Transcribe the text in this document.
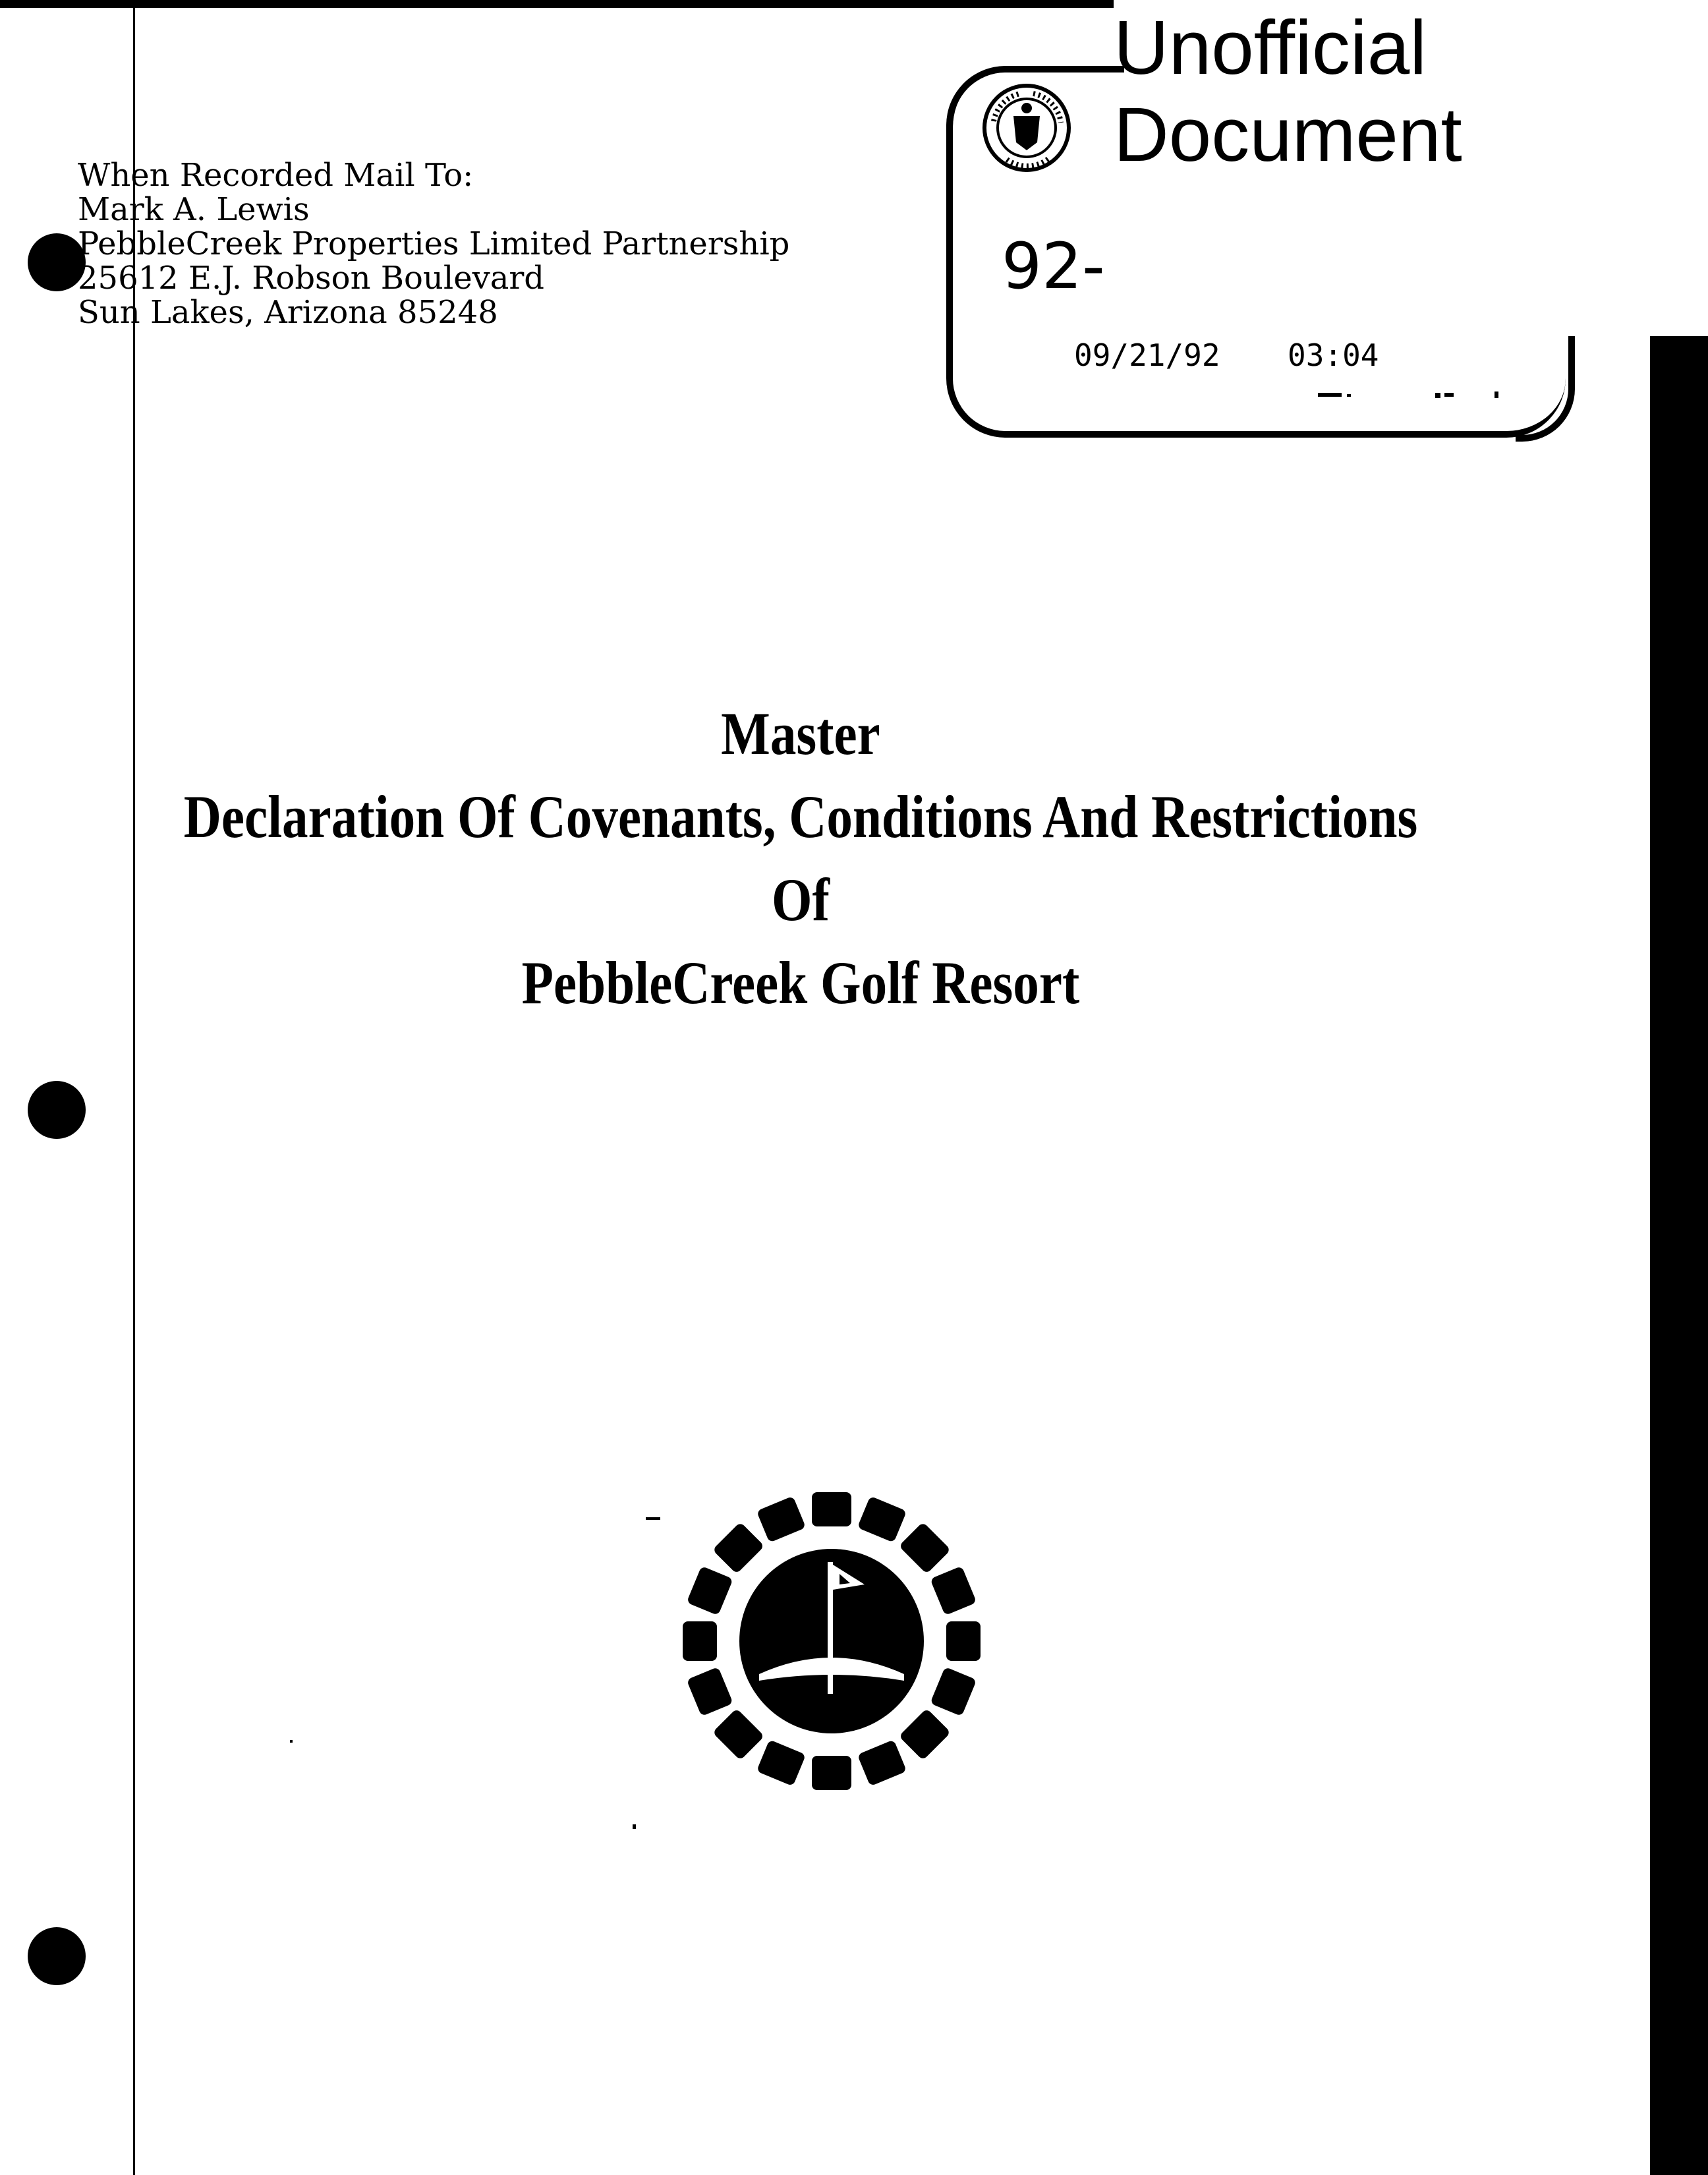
Unofficial
Document
92-
09/21/92 03:04
When Recorded Mail To:
Mark A. Lewis
PebbleCreek Properties Limited Partnership
25612 E.J. Robson Boulevard
Sun Lakes, Arizona 85248
Master
Declaration Of Covenants, Conditions And Restrictions
Of
PebbleCreek Golf Resort
